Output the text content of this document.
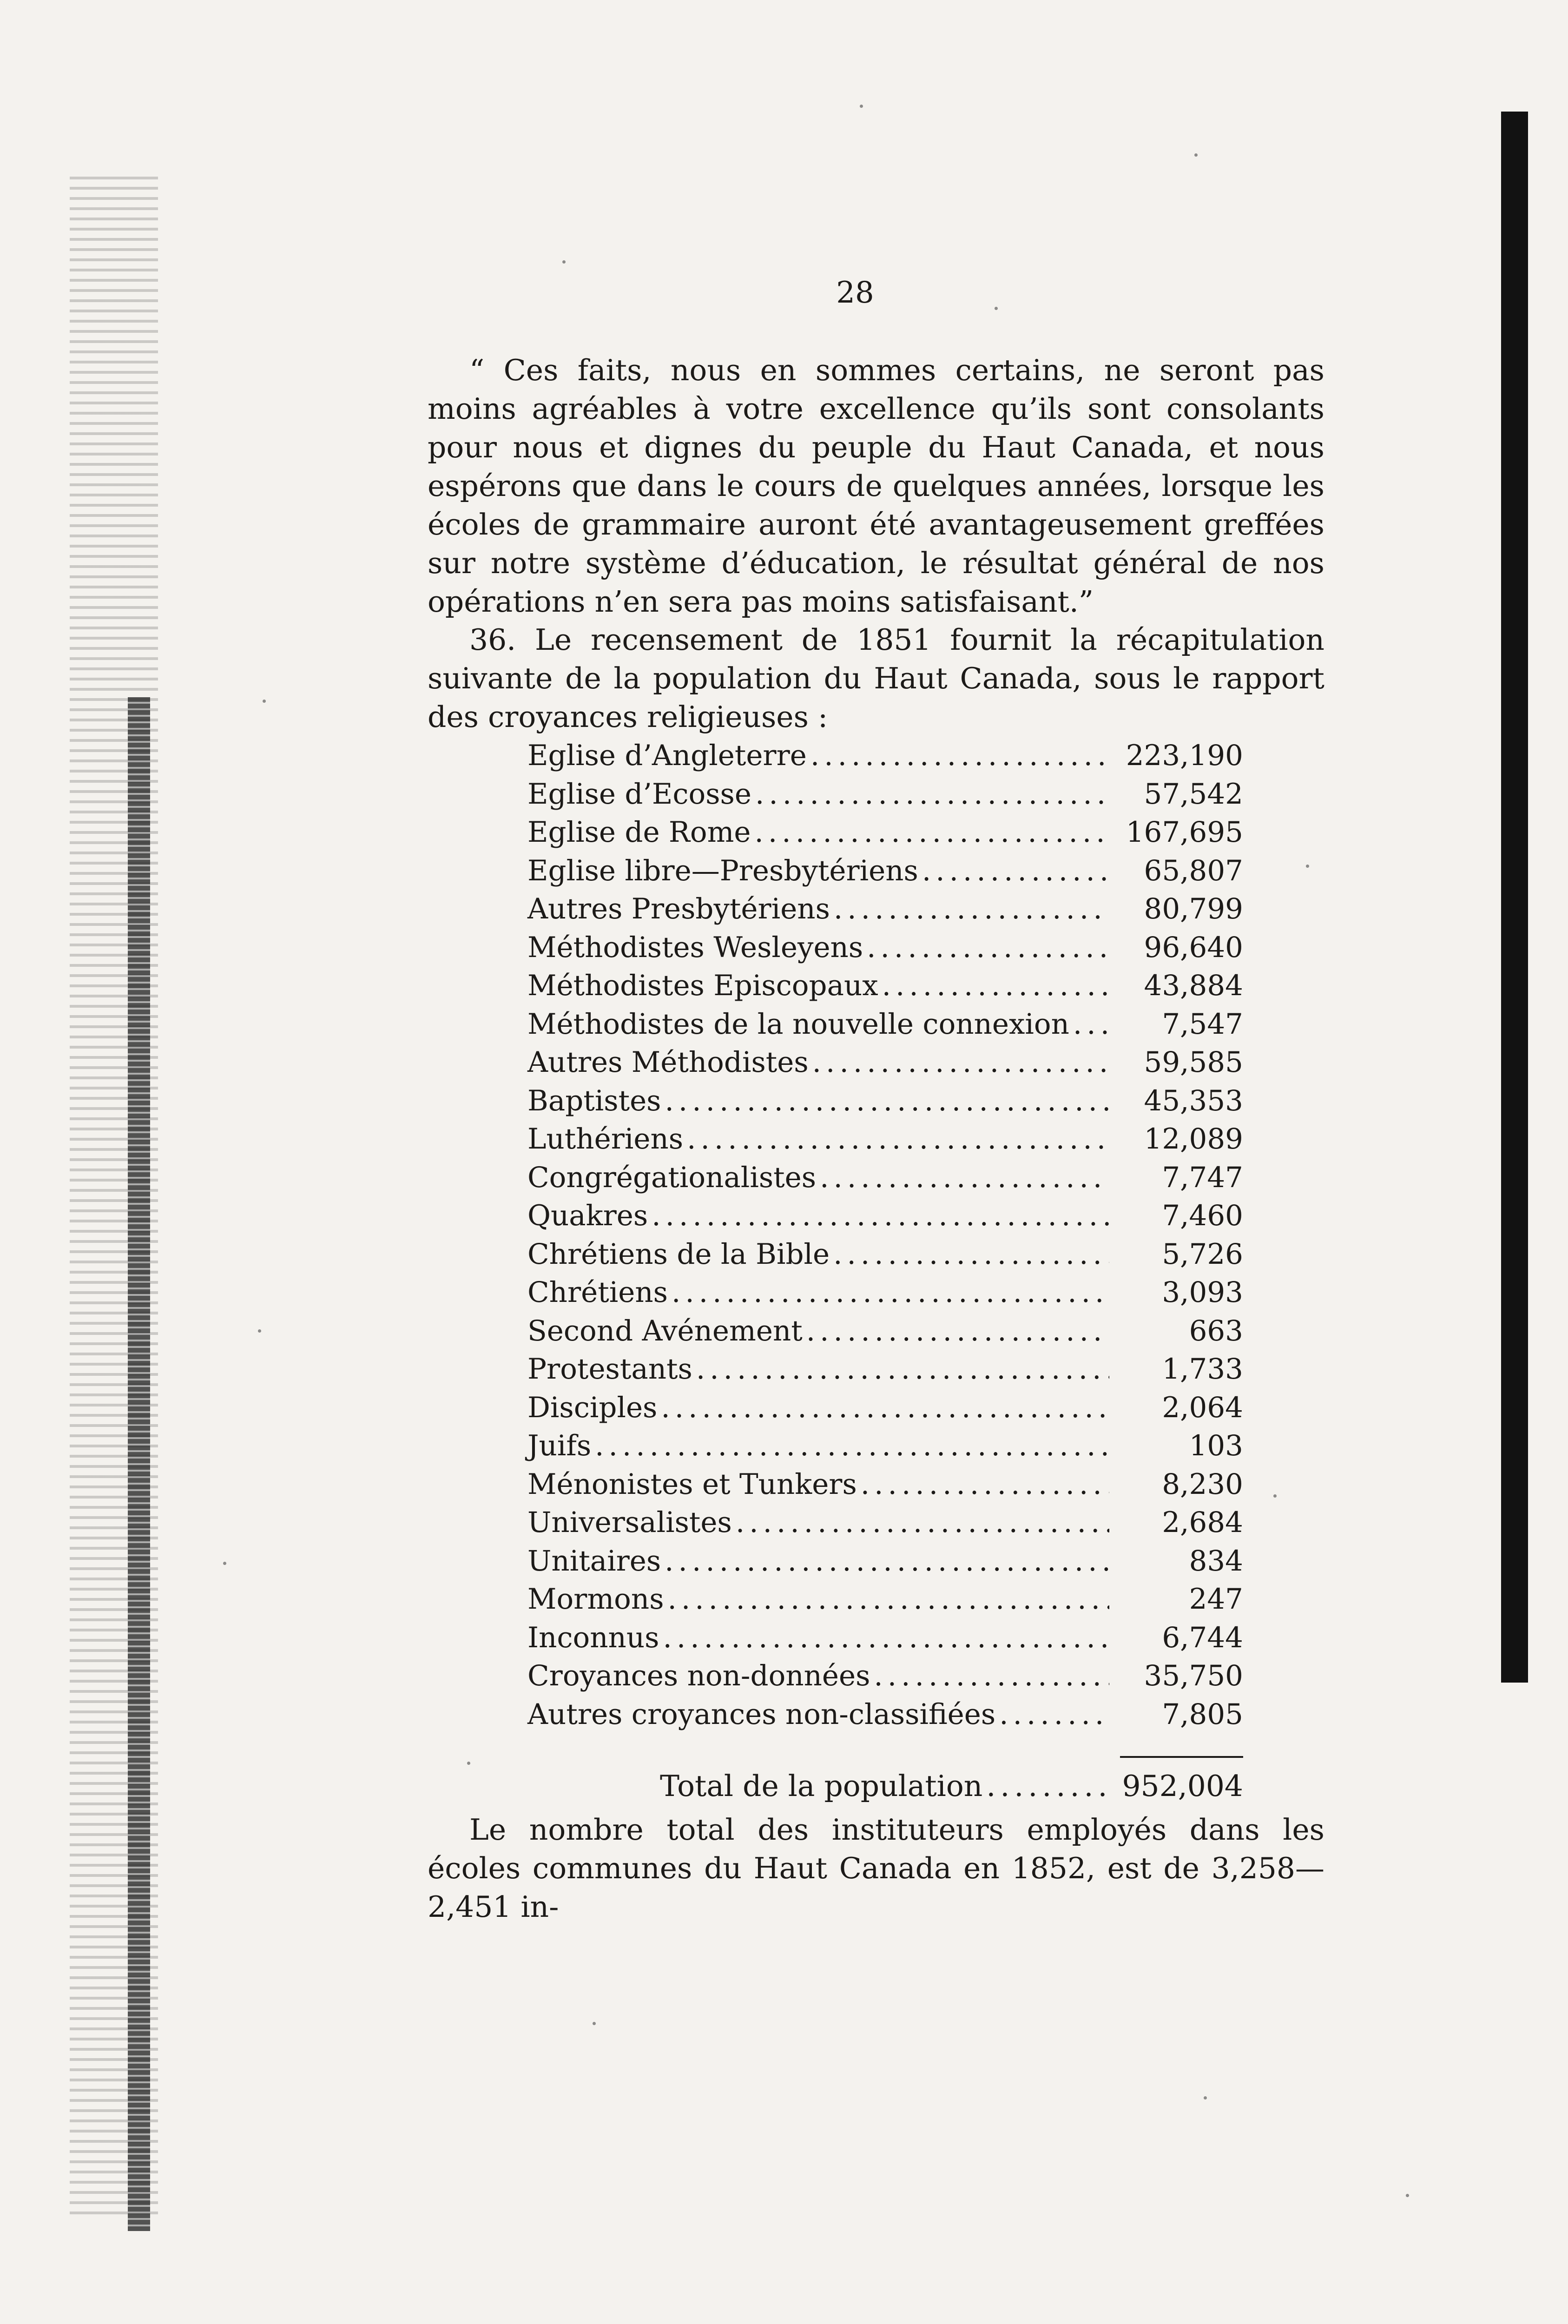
28

“ Ces faits, nous en sommes certains, ne seront pas moins agréables à votre excellence qu’ils sont consolants pour nous et dignes du peuple du Haut Canada, et nous espérons que dans le cours de quelques années, lorsque les écoles de grammaire auront été avantageusement greffées sur notre système d’éducation, le résultat général de nos opérations n’en sera pas moins satisfaisant.”

36. Le recensement de 1851 fournit la récapitulation suivante de la population du Haut Canada, sous le rapport des croyances religieuses :

Eglise d’Angleterre .....	223,190
Eglise d’Ecosse .....	57,542
Eglise de Rome .....	167,695
Eglise libre—Presbytériens .....	65,807
Autres Presbytériens .....	80,799
Méthodistes Wesleyens .....	96,640
Méthodistes Episcopaux .....	43,884
Méthodistes de la nouvelle connexion .....	7,547
Autres Méthodistes .....	59,585
Baptistes .....	45,353
Luthériens .....	12,089
Congrégationalistes .....	7,747
Quakres .....	7,460
Chrétiens de la Bible .....	5,726
Chrétiens .....	3,093
Second Avénement .....	663
Protestants .....	1,733
Disciples .....	2,064
Juifs .....	103
Ménonistes et Tunkers .....	8,230
Universalistes .....	2,684
Unitaires .....	834
Mormons .....	247
Inconnus .....	6,744
Croyances non-données .....	35,750
Autres croyances non-classifiées .....	7,805
Total de la population .....	952,004

Le nombre total des instituteurs employés dans les écoles communes du Haut Canada en 1852, est de 3,258—2,451 in-
